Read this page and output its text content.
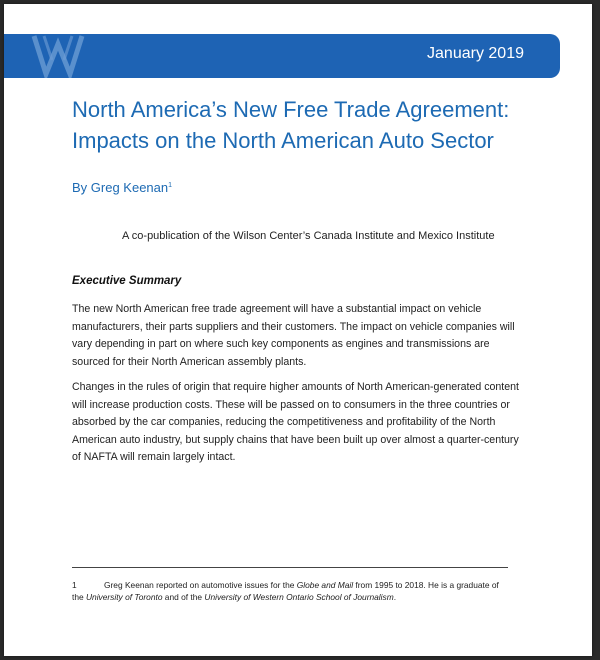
January 2019
North America’s New Free Trade Agreement:
Impacts on the North American Auto Sector
By Greg Keenan$^1$
A co-publication of the Wilson Center’s Canada Institute and Mexico Institute
Executive Summary
The new North American free trade agreement will have a substantial impact on vehicle manufacturers, their parts suppliers and their customers. The impact on vehicle companies will vary depending in part on where such key components as engines and transmissions are sourced for their North American assembly plants.
Changes in the rules of origin that require higher amounts of North American-generated content will increase production costs. These will be passed on to consumers in the three countries or absorbed by the car companies, reducing the competitiveness and profitability of the North American auto industry, but supply chains that have been built up over almost a quarter-century of NAFTA will remain largely intact.
1	Greg Keenan reported on automotive issues for the Globe and Mail from 1995 to 2018. He is a graduate of the University of Toronto and of the University of Western Ontario School of Journalism.
